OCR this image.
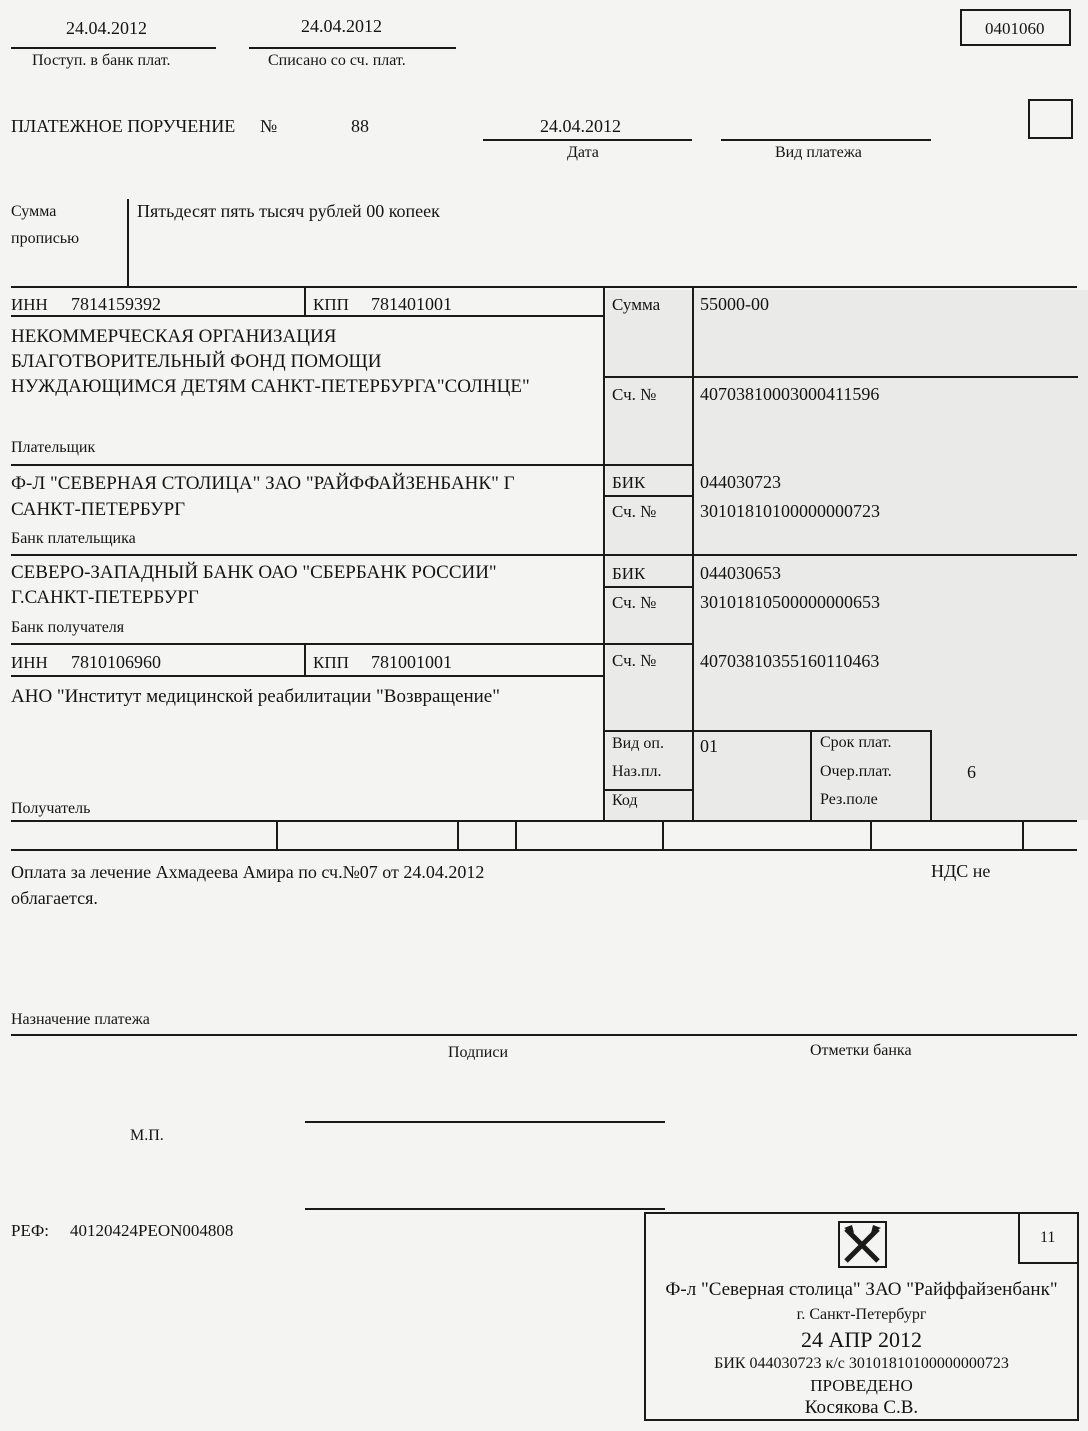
24.04.2012
Поступ. в банк плат.
24.04.2012
Списано со сч. плат.
0401060
ПЛАТЕЖНОЕ ПОРУЧЕНИЕ №	88	24.04.2012
Дата	Вид платежа
Сумма
прописью
Пятьдесят пять тысяч рублей 00 копеек
ИНН 7814159392	КПП 781401001
НЕКОММЕРЧЕСКАЯ ОРГАНИЗАЦИЯ
БЛАГОТВОРИТЕЛЬНЫЙ ФОНД ПОМОЩИ
НУЖДАЮЩИМСЯ ДЕТЯМ САНКТ-ПЕТЕРБУРГА"СОЛНЦЕ"
Плательщик
Сумма 55000-00
Сч. № 40703810003000411596
Ф-Л "СЕВЕРНАЯ СТОЛИЦА" ЗАО "РАЙФФАЙЗЕНБАНК" Г
САНКТ-ПЕТЕРБУРГ
Банк плательщика
БИК	044030723
Сч. № 30101810100000000723
СЕВЕРО-ЗАПАДНЫЙ БАНК ОАО "СБЕРБАНК РОССИИ"
Г.САНКТ-ПЕТЕРБУРГ
Банк получателя
БИК	044030653
Сч. № 30101810500000000653
ИНН 7810106960	КПП 781001001
АНО "Институт медицинской реабилитации "Возвращение"
Получатель
Сч. № 40703810355160110463
Вид оп. 01
Наз.пл.
Код
Срок плат.
Очер.плат.	6
Рез.поле
Оплата за лечение Ахмадеева Амира по сч.№07 от 24.04.2012	НДС не
облагается.
Назначение платежа
Подписи	Отметки банка
М.П.
РЕФ: 40120424PEON004808	11
Ф-л "Северная столица" ЗАО "Райффайзенбанк"
г. Санкт-Петербург
24 АПР 2012
БИК 044030723 к/с 30101810100000000723
ПРОВЕДЕНО
Косякова С.В.
